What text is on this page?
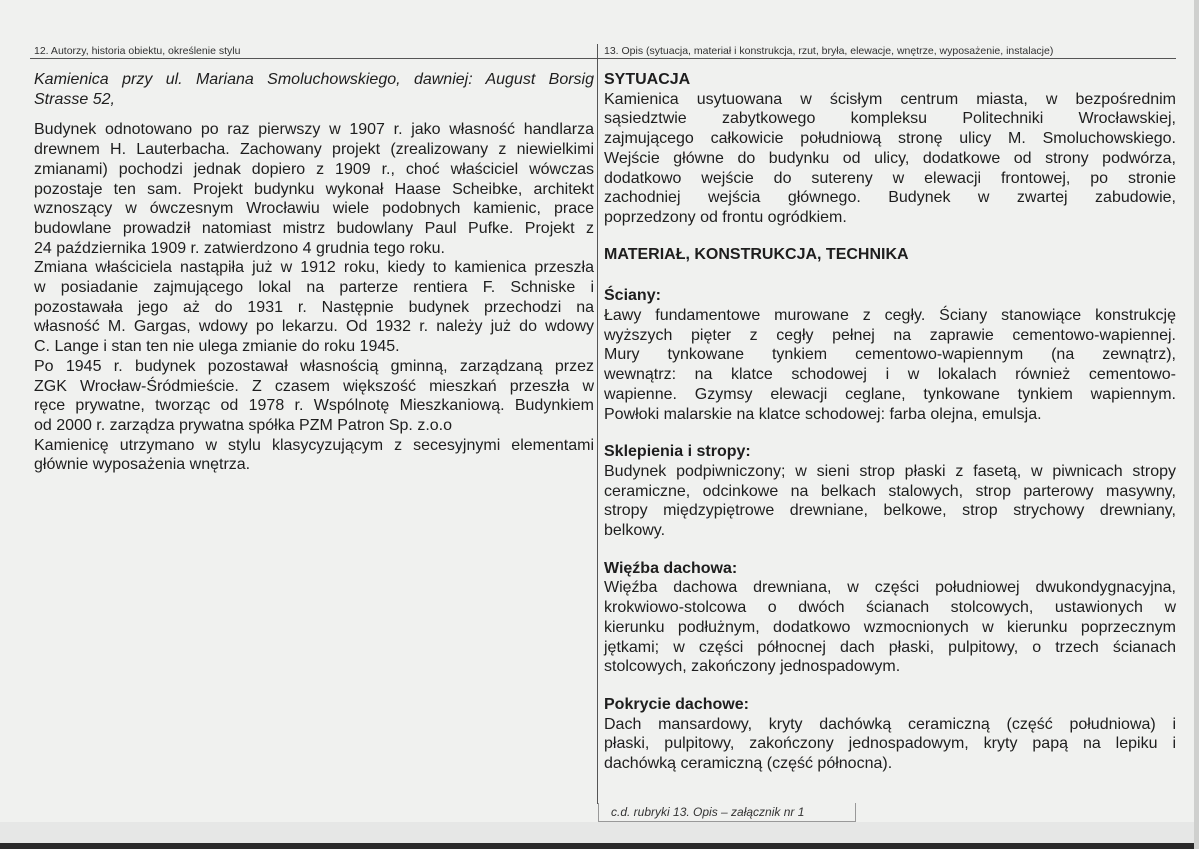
12. Autorzy, historia obiektu, określenie stylu	13. Opis (sytuacja, materiał i konstrukcja, rzut, bryła, elewacje, wnętrze, wyposażenie, instalacje)
Kamienica przy ul. Mariana Smoluchowskiego, dawniej: August Borsig
Strasse 52,
Budynek odnotowano po raz pierwszy w 1907 r. jako własność handlarza
drewnem H. Lauterbacha. Zachowany projekt (zrealizowany z niewielkimi
zmianami) pochodzi jednak dopiero z 1909 r., choć właściciel wówczas
pozostaje ten sam. Projekt budynku wykonał Haase Scheibke, architekt
wznoszący w ówczesnym Wrocławiu wiele podobnych kamienic, prace
budowlane prowadził natomiast mistrz budowlany Paul Pufke. Projekt z
24 października 1909 r. zatwierdzono 4 grudnia tego roku.
Zmiana właściciela nastąpiła już w 1912 roku, kiedy to kamienica przeszła
w posiadanie zajmującego lokal na parterze rentiera F. Schniske i
pozostawała jego aż do 1931 r. Następnie budynek przechodzi na
własność M. Gargas, wdowy po lekarzu. Od 1932 r. należy już do wdowy
C. Lange i stan ten nie ulega zmianie do roku 1945.
Po 1945 r. budynek pozostawał własnością gminną, zarządzaną przez
ZGK Wrocław-Śródmieście. Z czasem większość mieszkań przeszła w
ręce prywatne, tworząc od 1978 r. Wspólnotę Mieszkaniową. Budynkiem
od 2000 r. zarządza prywatna spółka PZM Patron Sp. z.o.o
Kamienicę utrzymano w stylu klasycyzującym z secesyjnymi elementami
głównie wyposażenia wnętrza.
SYTUACJA
Kamienica usytuowana w ścisłym centrum miasta, w bezpośrednim
sąsiedztwie zabytkowego kompleksu Politechniki Wrocławskiej,
zajmującego całkowicie południową stronę ulicy M. Smoluchowskiego.
Wejście główne do budynku od ulicy, dodatkowe od strony podwórza,
dodatkowo wejście do sutereny w elewacji frontowej, po stronie
zachodniej wejścia głównego. Budynek w zwartej zabudowie,
poprzedzony od frontu ogródkiem.
MATERIAŁ, KONSTRUKCJA, TECHNIKA
Ściany:
Ławy fundamentowe murowane z cegły. Ściany stanowiące konstrukcję
wyższych pięter z cegły pełnej na zaprawie cementowo-wapiennej.
Mury tynkowane tynkiem cementowo-wapiennym (na zewnątrz),
wewnątrz: na klatce schodowej i w lokalach również cementowo-
wapienne. Gzymsy elewacji ceglane, tynkowane tynkiem wapiennym.
Powłoki malarskie na klatce schodowej: farba olejna, emulsja.
Sklepienia i stropy:
Budynek podpiwniczony; w sieni strop płaski z fasetą, w piwnicach stropy
ceramiczne, odcinkowe na belkach stalowych, strop parterowy masywny,
stropy międzypiętrowe drewniane, belkowe, strop strychowy drewniany,
belkowy.
Więźba dachowa:
Więźba dachowa drewniana, w części południowej dwukondygnacyjna,
krokwiowo-stolcowa o dwóch ścianach stolcowych, ustawionych w
kierunku podłużnym, dodatkowo wzmocnionych w kierunku poprzecznym
jętkami; w części północnej dach płaski, pulpitowy, o trzech ścianach
stolcowych, zakończony jednospadowym.
Pokrycie dachowe:
Dach mansardowy, kryty dachówką ceramiczną (część południowa) i
płaski, pulpitowy, zakończony jednospadowym, kryty papą na lepiku i
dachówką ceramiczną (część północna).
c.d. rubryki 13. Opis – załącznik nr 1
